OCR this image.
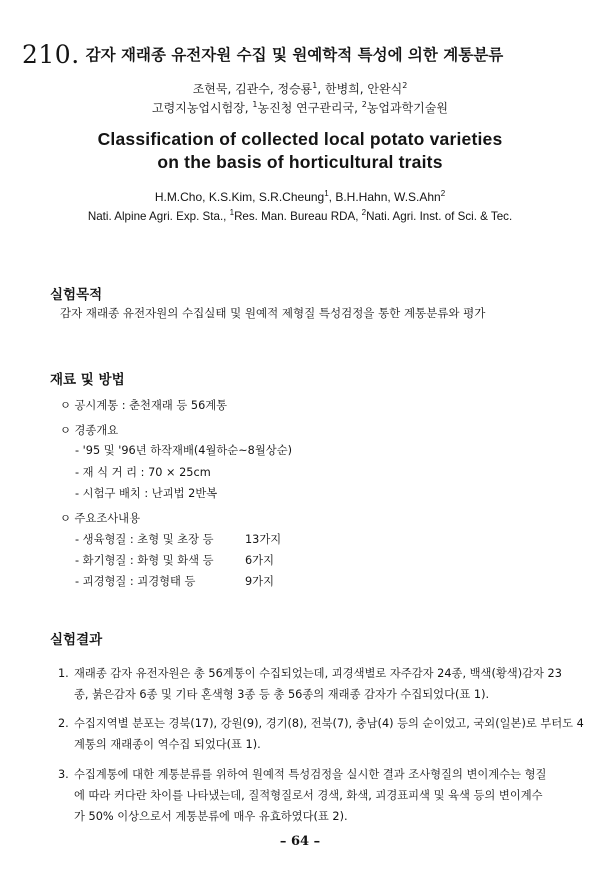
210. 감자 재래종 유전자원 수집 및 원예학적 특성에 의한 계통분류
조현묵, 김관수, 정승룡$^1$, 한병희, 안완식$^2$
고령지농업시험장, $^1$농진청 연구관리국, $^2$농업과학기술원
Classification of collected local potato varieties
on the basis of horticultural traits
H.M.Cho, K.S.Kim, S.R.Cheung$^1$, B.H.Hahn, W.S.Ahn$^2$
Nati. Alpine Agri. Exp. Sta., $^1$Res. Man. Bureau RDA, $^2$Nati. Agri. Inst. of Sci. & Tec.
실험목적
감자 재래종 유전자원의 수집실태 및 원예적 제형질 특성검정을 통한 계통분류와 평가
재료 및 방법
ㅇ 공시계통 : 춘천재래 등 56계통
ㅇ 경종개요
- '95 및 '96년 하작재배(4월하순~8월상순)
- 재 식 거 리 : 70 × 25cm
- 시험구 배치 : 난괴법 2반복
ㅇ 주요조사내용
- 생육형질 : 초형 및 초장 등	13가지
- 화기형질 : 화형 및 화색 등	6가지
- 괴경형질 : 괴경형태 등	9가지
실험결과
1. 재래종 감자 유전자원은 총 56계통이 수집되었는데, 괴경색별로 자주감자 24종, 백색(황색)감자 23
종, 붉은감자 6종 및 기타 혼색형 3종 등 총 56종의 재래종 감자가 수집되었다(표 1).
2. 수집지역별 분포는 경북(17), 강원(9), 경기(8), 전북(7), 충남(4) 등의 순이었고, 국외(일본)로 부터도 4
계통의 재래종이 역수집 되었다(표 1).
3. 수집계통에 대한 계통분류를 위하여 원예적 특성검정을 실시한 결과 조사형질의 변이계수는 형질
에 따라 커다란 차이를 나타냈는데, 질적형질로서 경색, 화색, 괴경표피색 및 육색 등의 변이계수
가 50% 이상으로서 계통분류에 매우 유효하였다(표 2).
– 64 –
